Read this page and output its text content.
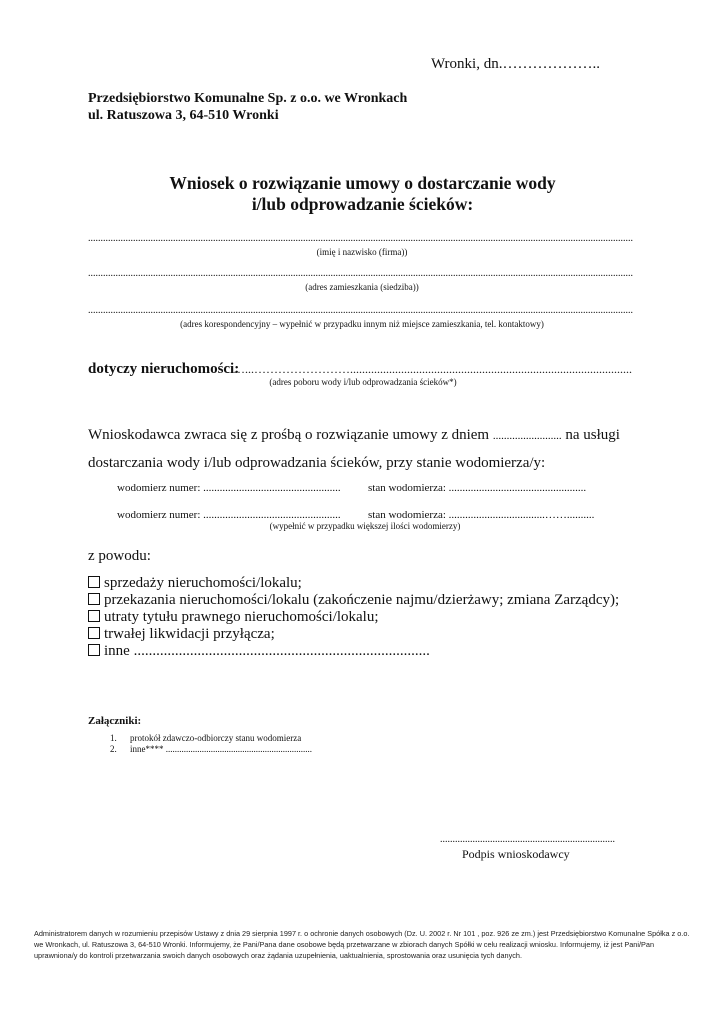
Wronki, dn.………………..
Przedsiębiorstwo Komunalne Sp. z o.o. we Wronkach
ul. Ratuszowa 3, 64-510 Wronki
Wniosek o rozwiązanie umowy o dostarczanie wody
i/lub odprowadzanie ścieków:
..........................................................................................................................................................................................................................
(imię i nazwisko (firma))
..........................................................................................................................................................................................................................
(adres zamieszkania (siedziba))
..........................................................................................................................................................................................................................
(adres korespondencyjny – wypełnić w przypadku innym niż miejsce zamieszkania, tel. kontaktowy)
dotyczy nieruchomości:
…...……………………..............................................................................................
(adres poboru wody i/lub odprowadzania ścieków*)
Wnioskodawca zwraca się z prośbą o rozwiązanie umowy z dniem ......................... na usługi
dostarczania wody i/lub odprowadzania ścieków, przy stanie wodomierza/y:
wodomierz numer: .................................................. stan wodomierza: ..................................................
wodomierz numer: .................................................. stan wodomierza: ...................................……..........
(wypełnić w przypadku większej ilości wodomierzy)
z powodu:
sprzedaży nieruchomości/lokalu;
przekazania nieruchomości/lokalu (zakończenie najmu/dzierżawy; zmiana Zarządcy);
utraty tytułu prawnego nieruchomości/lokalu;
trwałej likwidacji przyłącza;
inne ...............................................................................
Załączniki:
1. protokół zdawczo-odbiorczy stanu wodomierza
2. inne**** .................................................................
......................................................................
Podpis wnioskodawcy
Administratorem danych w rozumieniu przepisów Ustawy z dnia 29 sierpnia 1997 r. o ochronie danych osobowych (Dz. U. 2002 r. Nr 101 , poz. 926 ze zm.) jest Przedsiębiorstwo Komunalne Spółka z o.o. we Wronkach, ul. Ratuszowa 3, 64-510 Wronki. Informujemy, że Pani/Pana dane osobowe będą przetwarzane w zbiorach danych Spółki w celu realizacji wniosku. Informujemy, iż jest Pani/Pan uprawniona/y do kontroli przetwarzania swoich danych osobowych oraz żądania uzupełnienia, uaktualnienia, sprostowania oraz usunięcia tych danych.
